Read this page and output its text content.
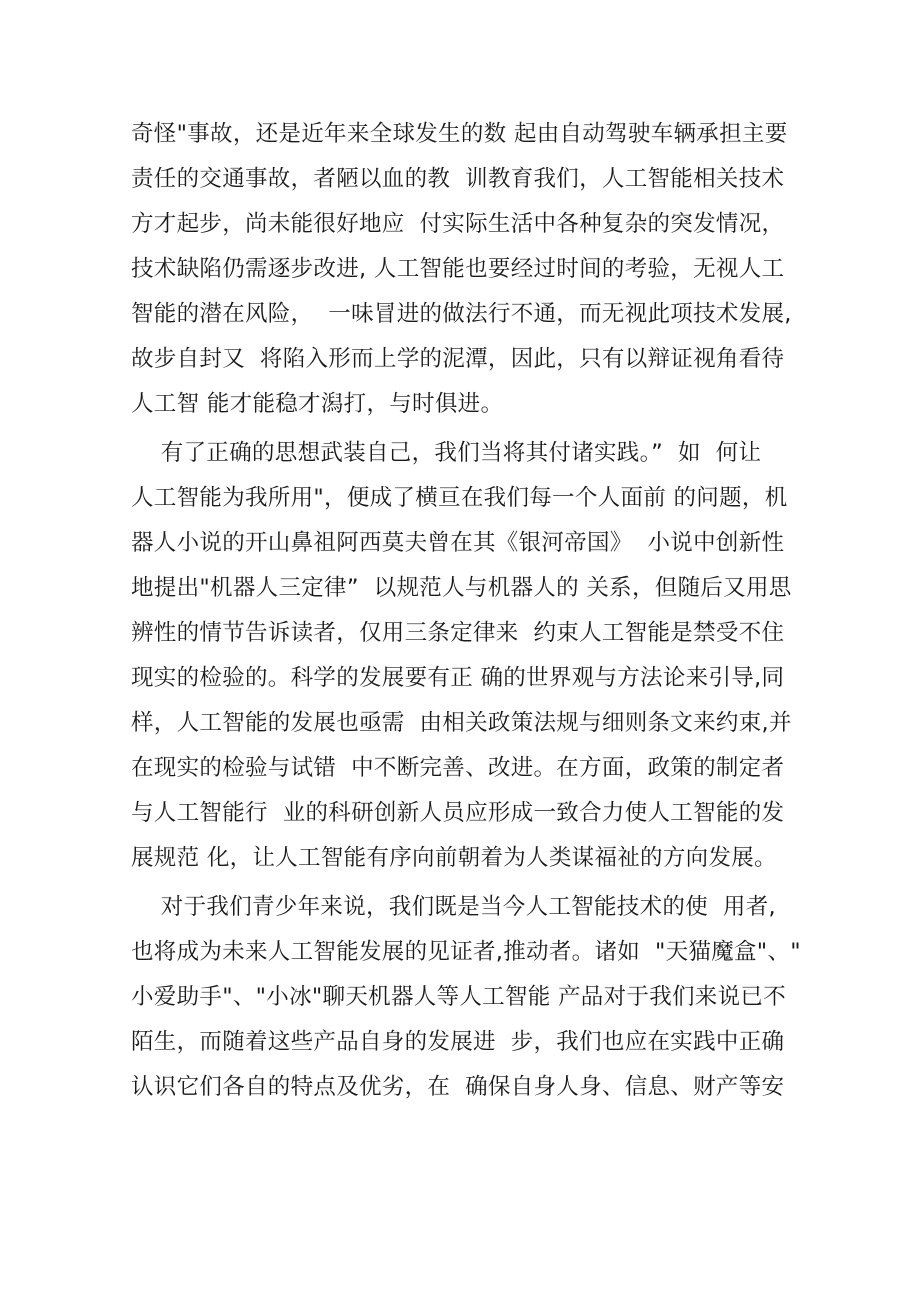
奇怪"事故，还是近年来全球发生的数 起由自动驾驶车辆承担主要
责任的交通事故，者陋以血的教  训教育我们，人工智能相关技术
方才起步，尚未能很好地应  付实际生活中各种复杂的突发情况，
技术缺陷仍需逐步改进, 人工智能也要经过时间的考验，无视人工
智能的潜在风险，  一味冒进的做法行不通，而无视此项技术发展,
故步自封又  将陷入形而上学的泥潭，因此，只有以辩证视角看待
人工智 能才能稳才潟打，与时俱进。
有了正确的思想武装自己，我们当将其付诸实践。”  如  何让
人工智能为我所用"，便成了横亘在我们每一个人面前 的问题，机
器人小说的开山鼻祖阿西莫夫曾在其《银河帝国》  小说中创新性
地提出"机器人三定律”  以规范人与机器人的 关系，但随后又用思
辨性的情节告诉读者，仅用三条定律来  约束人工智能是禁受不住
现实的检验的。科学的发展要有正 确的世界观与方法论来引导,同
样，人工智能的发展也亟需  由相关政策法规与细则条文来约束,并
在现实的检验与试错  中不断完善、改进。在方面，政策的制定者
与人工智能行  业的科研创新人员应形成一致合力使人工智能的发
展规范 化，让人工智能有序向前朝着为人类谋福祉的方向发展。
对于我们青少年来说，我们既是当今人工智能技术的使  用者,
也将成为未来人工智能发展的见证者,推动者。诸如  "天猫魔盒"、"
小爱助手"、"小冰"聊天机器人等人工智能 产品对于我们来说已不
陌生，而随着这些产品自身的发展进  步，我们也应在实践中正确
认识它们各自的特点及优劣，在  确保自身人身、信息、财产等安
